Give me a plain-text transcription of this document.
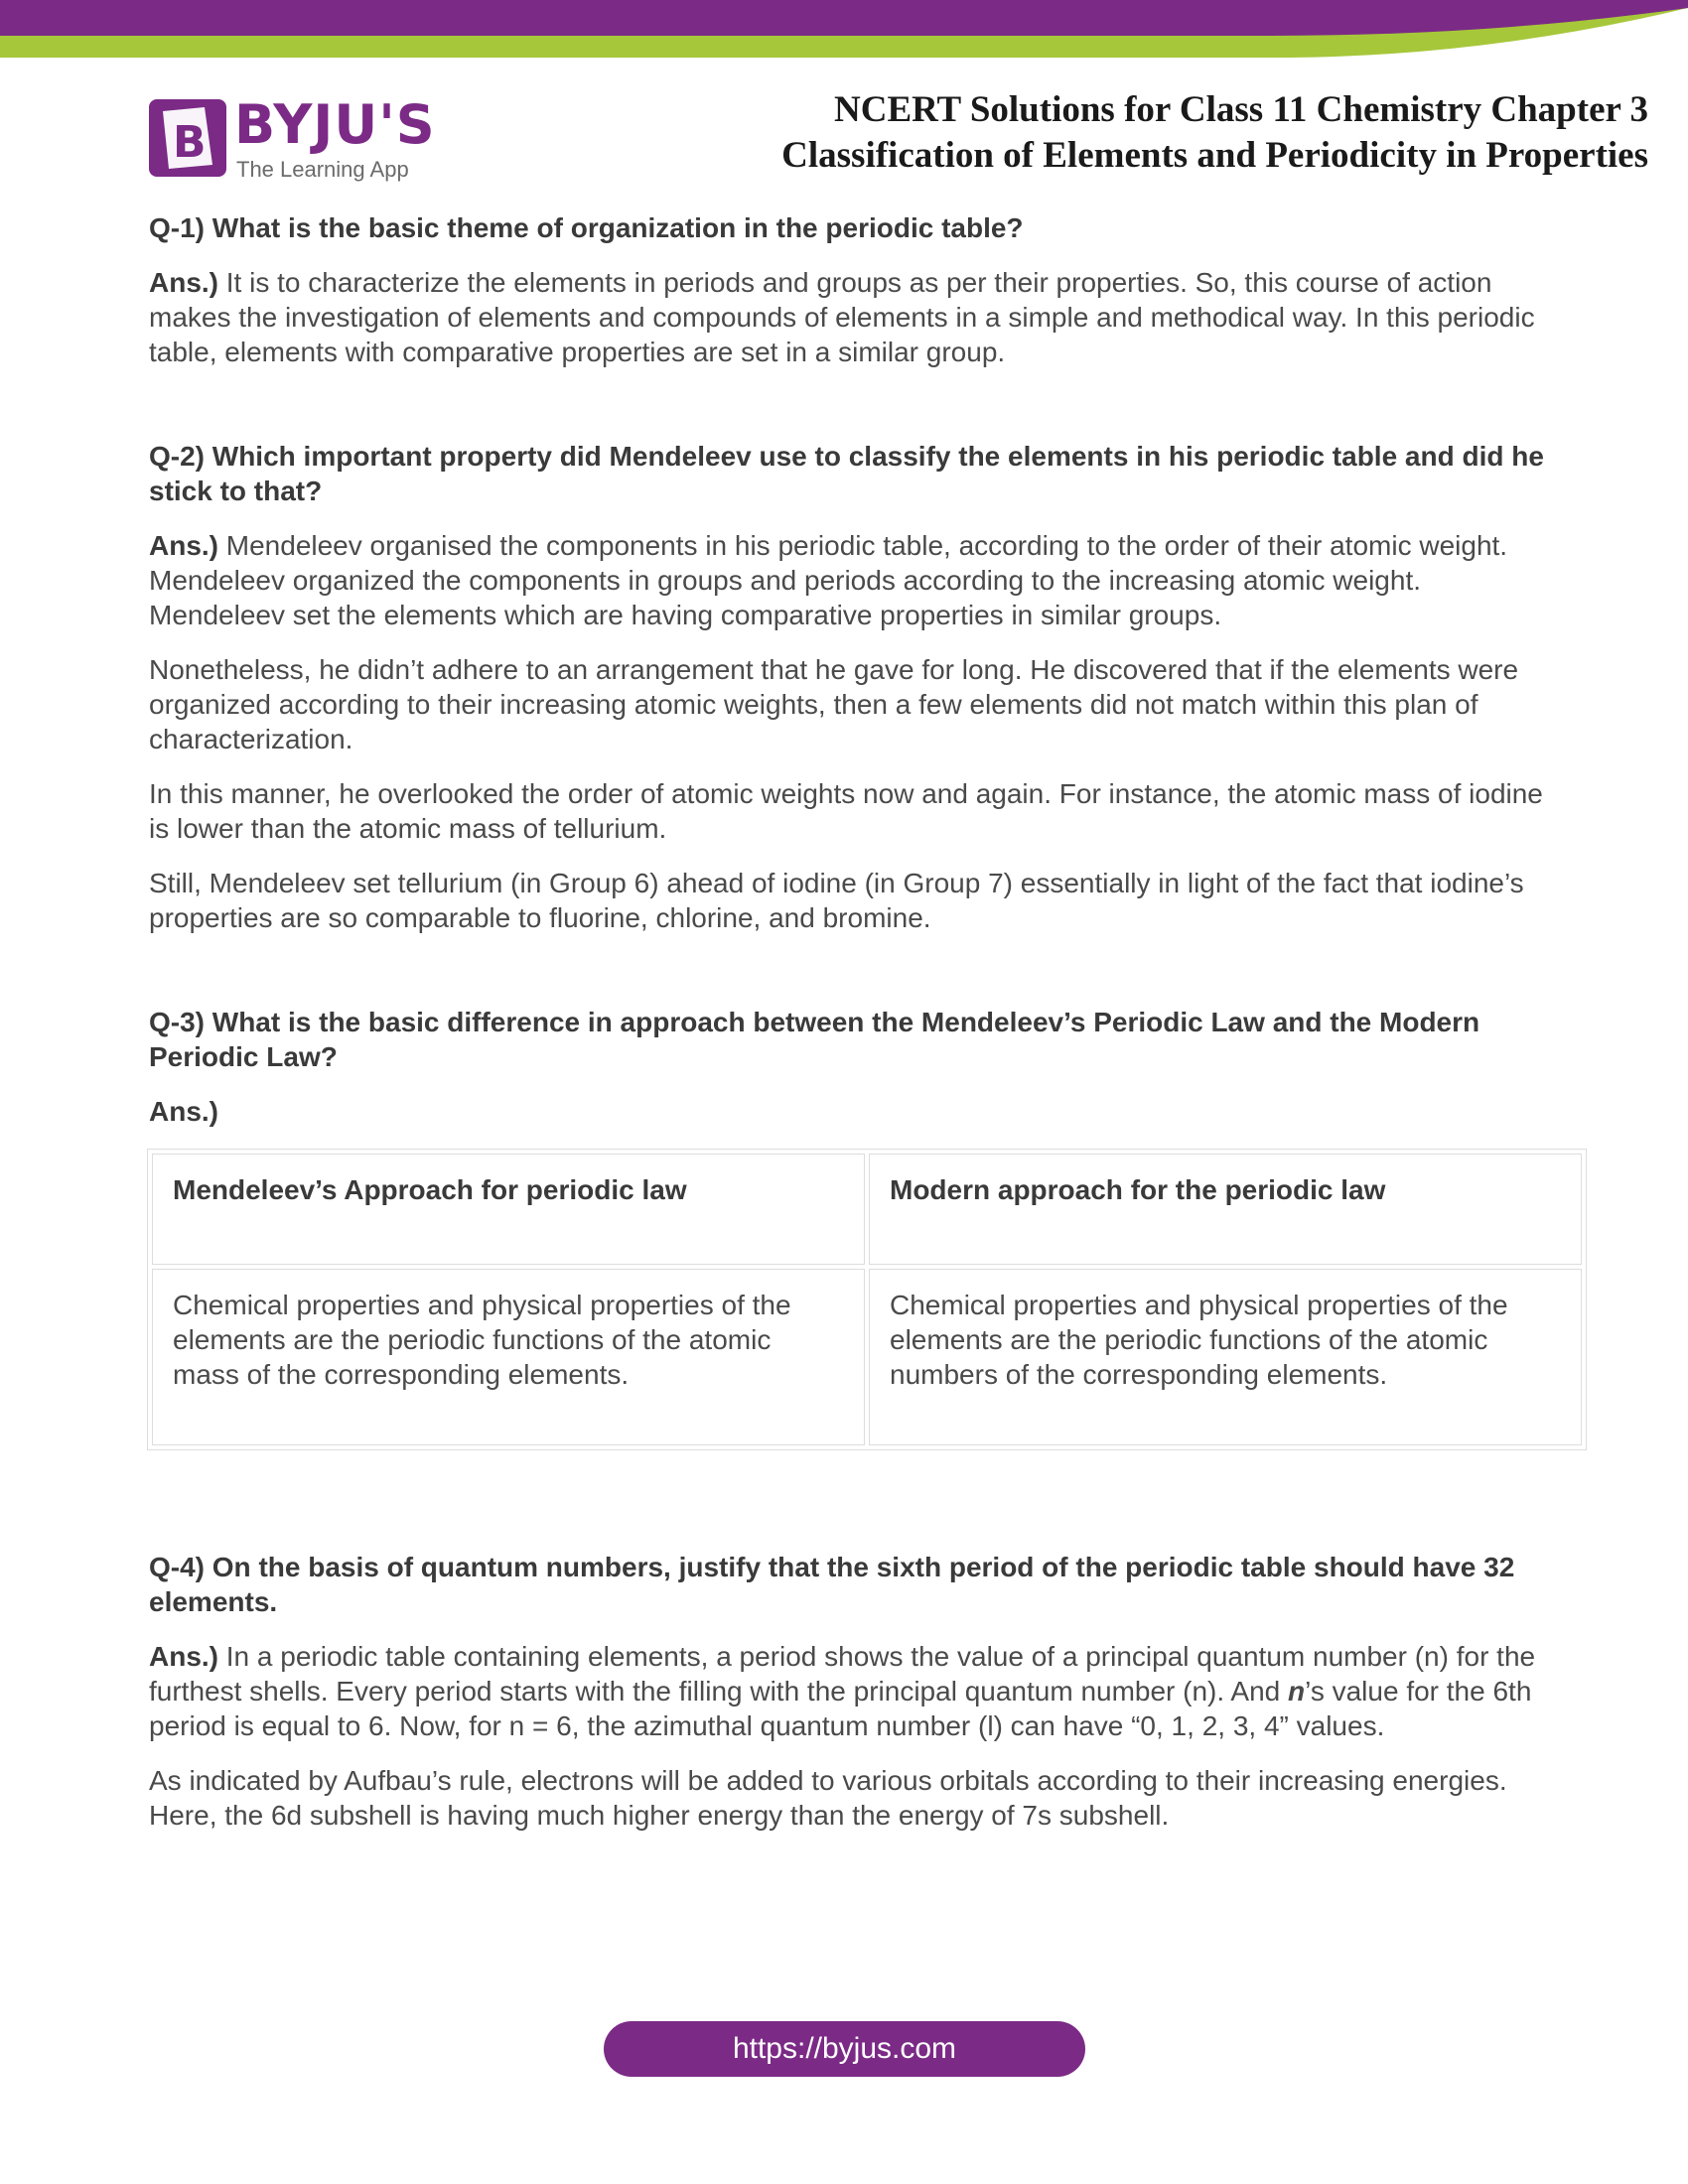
B BYJU'S
The Learning App
NCERT Solutions for Class 11 Chemistry Chapter 3
Classification of Elements and Periodicity in Properties
Q-1) What is the basic theme of organization in the periodic table?
Ans.) It is to characterize the elements in periods and groups as per their properties. So, this course of action makes the investigation of elements and compounds of elements in a simple and methodical way. In this periodic table, elements with comparative properties are set in a similar group.
Q-2) Which important property did Mendeleev use to classify the elements in his periodic table and did he stick to that?
Ans.) Mendeleev organised the components in his periodic table, according to the order of their atomic weight. Mendeleev organized the components in groups and periods according to the increasing atomic weight. Mendeleev set the elements which are having comparative properties in similar groups.
Nonetheless, he didn’t adhere to an arrangement that he gave for long. He discovered that if the elements were organized according to their increasing atomic weights, then a few elements did not match within this plan of characterization.
In this manner, he overlooked the order of atomic weights now and again. For instance, the atomic mass of iodine is lower than the atomic mass of tellurium.
Still, Mendeleev set tellurium (in Group 6) ahead of iodine (in Group 7) essentially in light of the fact that iodine’s properties are so comparable to fluorine, chlorine, and bromine.
Q-3) What is the basic difference in approach between the Mendeleev’s Periodic Law and the Modern Periodic Law?
Ans.)
Mendeleev’s Approach for periodic law	Modern approach for the periodic law
Chemical properties and physical properties of the elements are the periodic functions of the atomic mass of the corresponding elements.	Chemical properties and physical properties of the elements are the periodic functions of the atomic numbers of the corresponding elements.
Q-4) On the basis of quantum numbers, justify that the sixth period of the periodic table should have 32 elements.
Ans.) In a periodic table containing elements, a period shows the value of a principal quantum number (n) for the furthest shells. Every period starts with the filling with the principal quantum number (n). And n’s value for the 6th period is equal to 6. Now, for n = 6, the azimuthal quantum number (l) can have “0, 1, 2, 3, 4” values.
As indicated by Aufbau’s rule, electrons will be added to various orbitals according to their increasing energies. Here, the 6d subshell is having much higher energy than the energy of 7s subshell.
https://byjus.com
